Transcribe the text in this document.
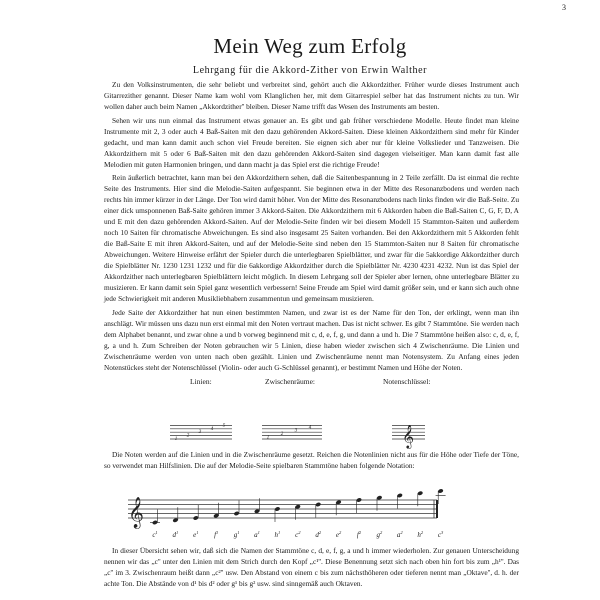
3
Mein Weg zum Erfolg
Lehrgang für die Akkord-Zither von Erwin Walther

Zu den Volksinstrumenten, die sehr beliebt und verbreitet sind, gehört auch die Akkordzither. Früher wurde dieses Instrument auch Gitarrezither genannt. Dieser Name kam wohl vom Klanglichen her, mit dem Gitarrespiel selber hat das Instrument nichts zu tun. Wir wollen daher auch beim Namen „Akkordzither'' bleiben. Dieser Name trifft das Wesen des Instruments am besten.

Sehen wir uns nun einmal das Instrument etwas genauer an. Es gibt und gab früher verschiedene Modelle. Heute findet man kleine Instrumente mit 2, 3 oder auch 4 Baß-Saiten mit den dazu gehörenden Akkord-Saiten. Diese kleinen Akkordzithern sind mehr für Kinder gedacht, und man kann damit auch schon viel Freude bereiten. Sie eignen sich aber nur für kleine Volkslieder und Tanzweisen. Die Akkordzithern mit 5 oder 6 Baß-Saiten mit den dazu gehörenden Akkord-Saiten sind dagegen vielseitiger. Man kann damit fast alle Melodien mit guten Harmonien bringen, und dann macht ja das Spiel erst die richtige Freude!

Rein äußerlich betrachtet, kann man bei den Akkordzithern sehen, daß die Saitenbespannung in 2 Teile zerfällt. Da ist einmal die rechte Seite des Instruments. Hier sind die Melodie-Saiten aufgespannt. Sie beginnen etwa in der Mitte des Resonanzbodens und werden nach rechts hin immer kürzer in der Länge. Der Ton wird damit höher. Von der Mitte des Resonanzbodens nach links finden wir die Baß-Seite. Zu einer dick umsponnenen Baß-Saite gehören immer 3 Akkord-Saiten. Die Akkordzithern mit 6 Akkorden haben die Baß-Saiten C, G, F, D, A und E mit den dazu gehörenden Akkord-Saiten. Auf der Melodie-Seite finden wir bei diesem Modell 15 Stammton-Saiten und außerdem noch 10 Saiten für chromatische Abweichungen. Es sind also insgesamt 25 Saiten vorhanden. Bei den Akkordzithern mit 5 Akkorden fehlt die Baß-Saite E mit ihren Akkord-Saiten, und auf der Melodie-Seite sind neben den 15 Stammton-Saiten nur 8 Saiten für chromatische Abweichungen. Weitere Hinweise erfährt der Spieler durch die unterlegbaren Spielblätter, und zwar für die 5akkordige Akkordzither durch die Spielblätter Nr. 1230 1231 1232 und für die 6akkordige Akkordzither durch die Spielblätter Nr. 4230 4231 4232. Nun ist das Spiel der Akkordzither nach unterlegbaren Spielblättern leicht möglich. In diesem Lehrgang soll der Spieler aber lernen, ohne unterlegbare Blätter zu musizieren. Er kann damit sein Spiel ganz wesentlich verbessern! Seine Freude am Spiel wird damit größer sein, und er kann sich auch ohne jede Schwierigkeit mit anderen Musikliebhabern zusammentun und gemeinsam musizieren.

Jede Saite der Akkordzither hat nun einen bestimmten Namen, und zwar ist es der Name für den Ton, der erklingt, wenn man ihn anschlägt. Wir müssen uns dazu nun erst einmal mit den Noten vertraut machen. Das ist nicht schwer. Es gibt 7 Stammtöne. Sie werden nach dem Alphabet benannt, und zwar ohne a und b vorweg beginnend mit c, d, e, f, g, und dann a und h. Die 7 Stammtöne heißen also: c, d, e, f, g, a und h. Zum Schreiben der Noten gebrauchen wir 5 Linien, diese haben wieder zwischen sich 4 Zwischenräume. Die Linien und Zwischenräume werden von unten nach oben gezählt. Linien und Zwischenräume nennt man Notensystem. Zu Anfang eines jeden Notenstückes steht der Notenschlüssel (Violin- oder auch G-Schlüssel genannt), er bestimmt Namen und Höhe der Noten.

1
2
3
4
5
1
2
3
4	𝄞
Linien:	Zwischenräume:	Notenschlüssel:

Die Noten werden auf die Linien und in die Zwischenräume gesetzt. Reichen die Notenlinien nicht aus für die Höhe oder Tiefe der Töne, so verwendet man Hilfslinien. Die auf der Melodie-Seite spielbaren Stammtöne haben folgende Notation:

𝄞
$c^1$ $d^1$ $e^1$ $f^1$ $g^1$ $a^1$ $h^1$ $c^2$ $d^2$ $e^2$ $f^2$ $g^2$ $a^2$ $h^2$ $c^3$

In dieser Übersicht sehen wir, daß sich die Namen der Stammtöne c, d, e, f, g, a und h immer wiederholen. Zur genauen Unterscheidung nennen wir das „c'' unter den Linien mit dem Strich durch den Kopf „c¹''. Diese Benennung setzt sich nach oben hin fort bis zum „h¹''. Das „c'' im 3. Zwischenraum heißt dann „c²'' usw. Den Abstand von einem c bis zum nächsthöheren oder tieferen nennt man „Oktave'', d. h. der achte Ton. Die Abstände von d¹ bis d² oder g¹ bis g² usw. sind sinngemäß auch Oktaven.
